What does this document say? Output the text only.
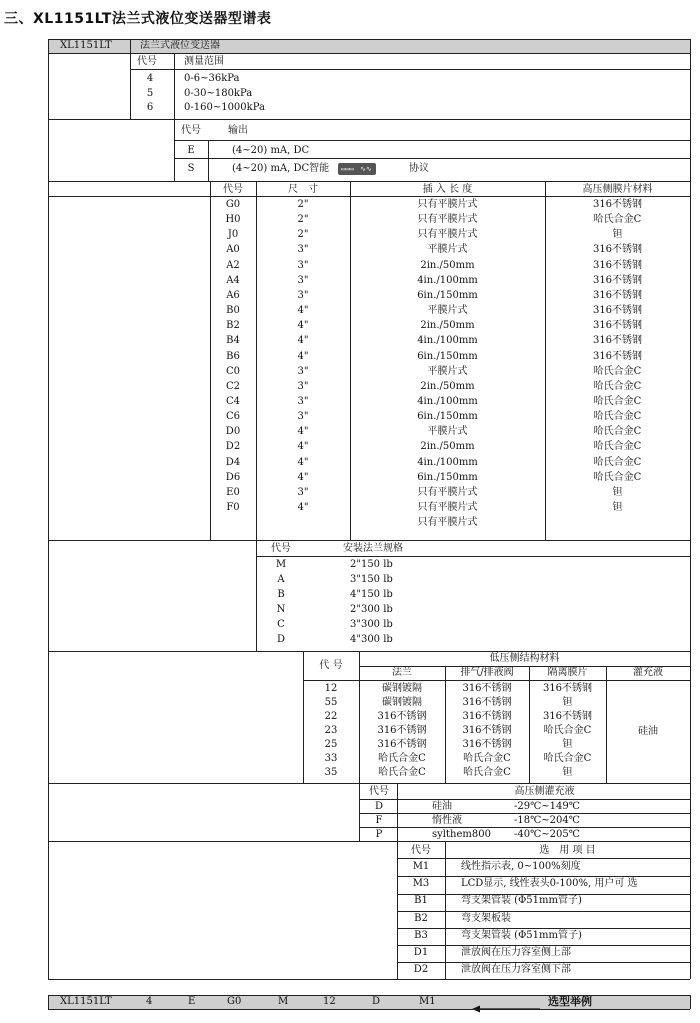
三、XL1151LT法兰式液位变送器型谱表
XL1151LT	法兰式液位变送器
代号	测量范围
4	0-6~36kPa
5	0-30~180kPa
6	0-160~1000kPa
代号	输出
E	(4~20) mA, DC
S	(4~20) mA, DC智能 ▭▭▭ ∿∿	协议
代号	尺　寸	插 入 长 度	高压侧膜片材料
G0	2"	只有平膜片式	316不锈钢
H0	2"	只有平膜片式	哈氏合金C
J0	2"	只有平膜片式	钽
A0	3"	平膜片式	316不锈钢
A2	3"	2in./50mm	316不锈钢
A4	3"	4in./100mm	316不锈钢
A6	3"	6in./150mm	316不锈钢
B0	4"	平膜片式	316不锈钢
B2	4"	2in./50mm	316不锈钢
B4	4"	4in./100mm	316不锈钢
B6	4"	6in./150mm	316不锈钢
C0	3"	平膜片式	哈氏合金C
C2	3"	2in./50mm	哈氏合金C
C4	3"	4in./100mm	哈氏合金C
C6	3"	6in./150mm	哈氏合金C
D0	4"	平膜片式	哈氏合金C
D2	4"	2in./50mm	哈氏合金C
D4	4"	4in./100mm	哈氏合金C
D6	4"	6in./150mm	哈氏合金C
E0	3"	只有平膜片式	钽
F0	4"	只有平膜片式	钽
只有平膜片式
代号	安装法兰规格
M	2"150 lb
A	3"150 lb
B	4"150 lb
N	2"300 lb
C	3"300 lb
D	4"300 lb
代 号
低压侧结构材料
法兰	排气/排液阀	隔离膜片	灌充液
12	碳钢镀隔	316不锈钢	316不锈钢
55	碳钢镀隔	316不锈钢	钽
22	316不锈钢	316不锈钢	316不锈钢
23	316不锈钢	316不锈钢	哈氏合金C
25	316不锈钢	316不锈钢	钽
33	哈氏合金C	哈氏合金C	哈氏合金C
35	哈氏合金C	哈氏合金C	钽
硅油
代号	高压侧灌充液
D	硅油	-29℃~149℃
F	惰性液	-18℃~204℃
P	sylthem800 -40℃~205℃
代号	选　用 项 目
M1	线性指示表, 0~100%刻度
M3	LCD显示, 线性表头0-100%, 用户可 选
B1	弯支架管装 (Φ51mm管子)
B2	弯支架板装
B3	弯支架管装 (Φ51mm管子)
D1	泄放阀在压力容室侧上部
D2	泄放阀在压力容室侧下部
XL1151LT	4	E	G0	M	12	D	M1	选型举例
